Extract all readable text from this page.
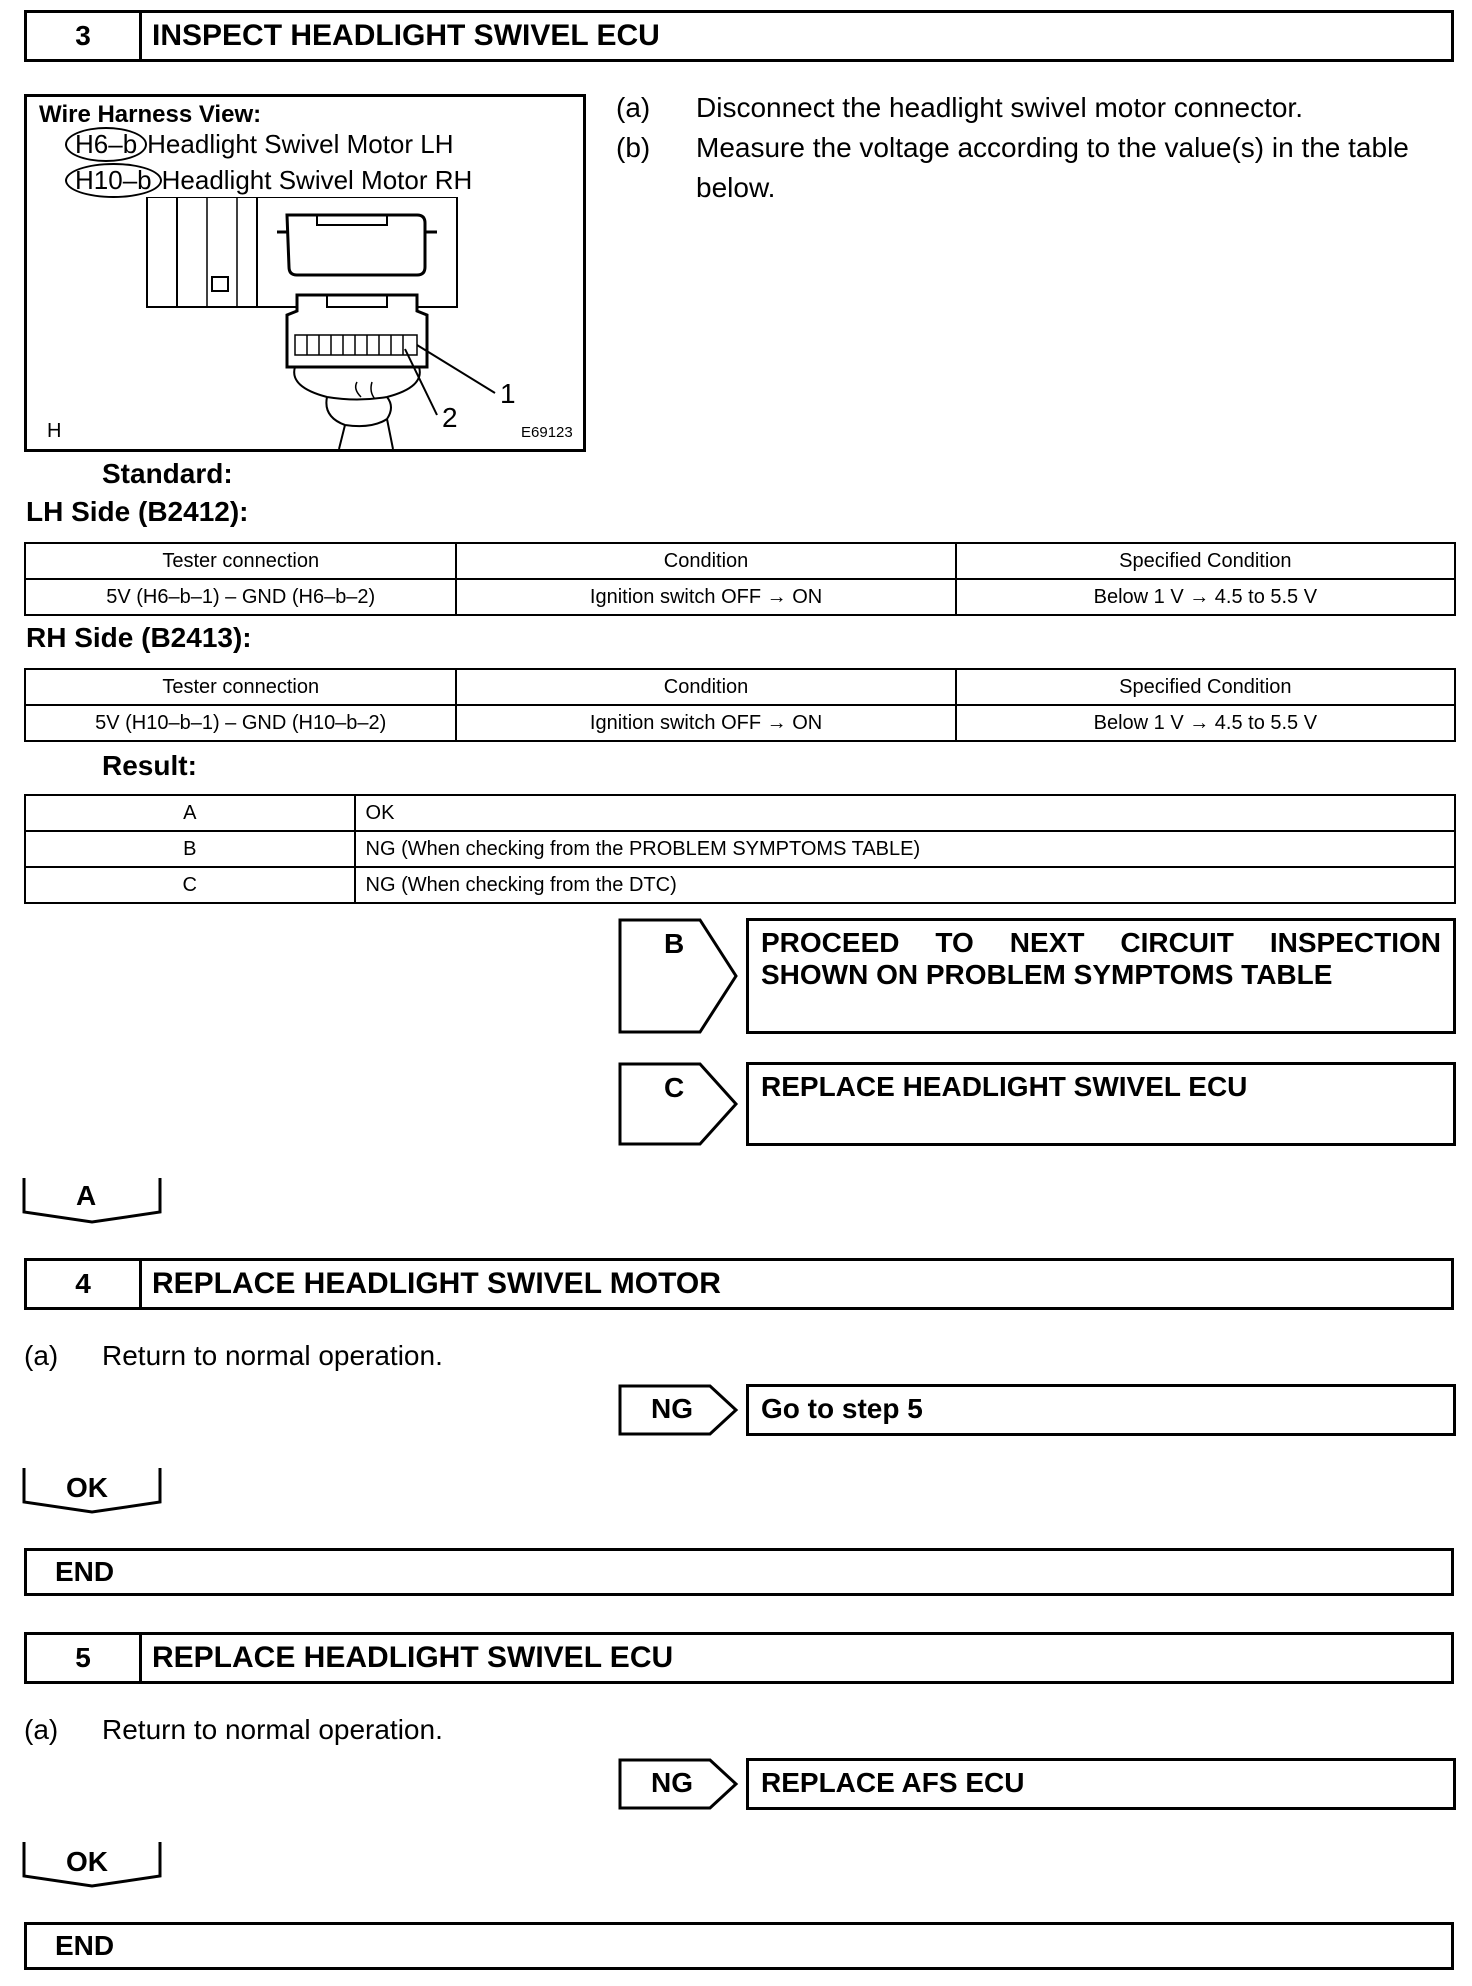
3	INSPECT HEADLIGHT SWIVEL ECU
Wire Harness View:
H6–b Headlight Swivel Motor LH
H10–b Headlight Swivel Motor RH
1
2
H	E69123
(a) Disconnect the headlight swivel motor connector.
(b)	Measure the voltage according to the value(s) in the table below.
Standard:
LH Side (B2412):
Tester connection	Condition	Specified Condition
5V (H6–b–1) – GND (H6–b–2)	Ignition switch OFF → ON	Below 1 V → 4.5 to 5.5 V
RH Side (B2413):
Tester connection	Condition	Specified Condition
5V (H10–b–1) – GND (H10–b–2)	Ignition switch OFF → ON	Below 1 V → 4.5 to 5.5 V
Result:
A	OK
B	NG (When checking from the PROBLEM SYMPTOMS TABLE)
C	NG (When checking from the DTC)
B	PROCEED TO NEXT CIRCUIT INSPECTION SHOWN ON PROBLEM SYMPTOMS TABLE
C	REPLACE HEADLIGHT SWIVEL ECU
A
4	REPLACE HEADLIGHT SWIVEL MOTOR
(a) Return to normal operation.
NG	Go to step 5
OK
END
5	REPLACE HEADLIGHT SWIVEL ECU
(a) Return to normal operation.
NG	REPLACE AFS ECU
OK
END
